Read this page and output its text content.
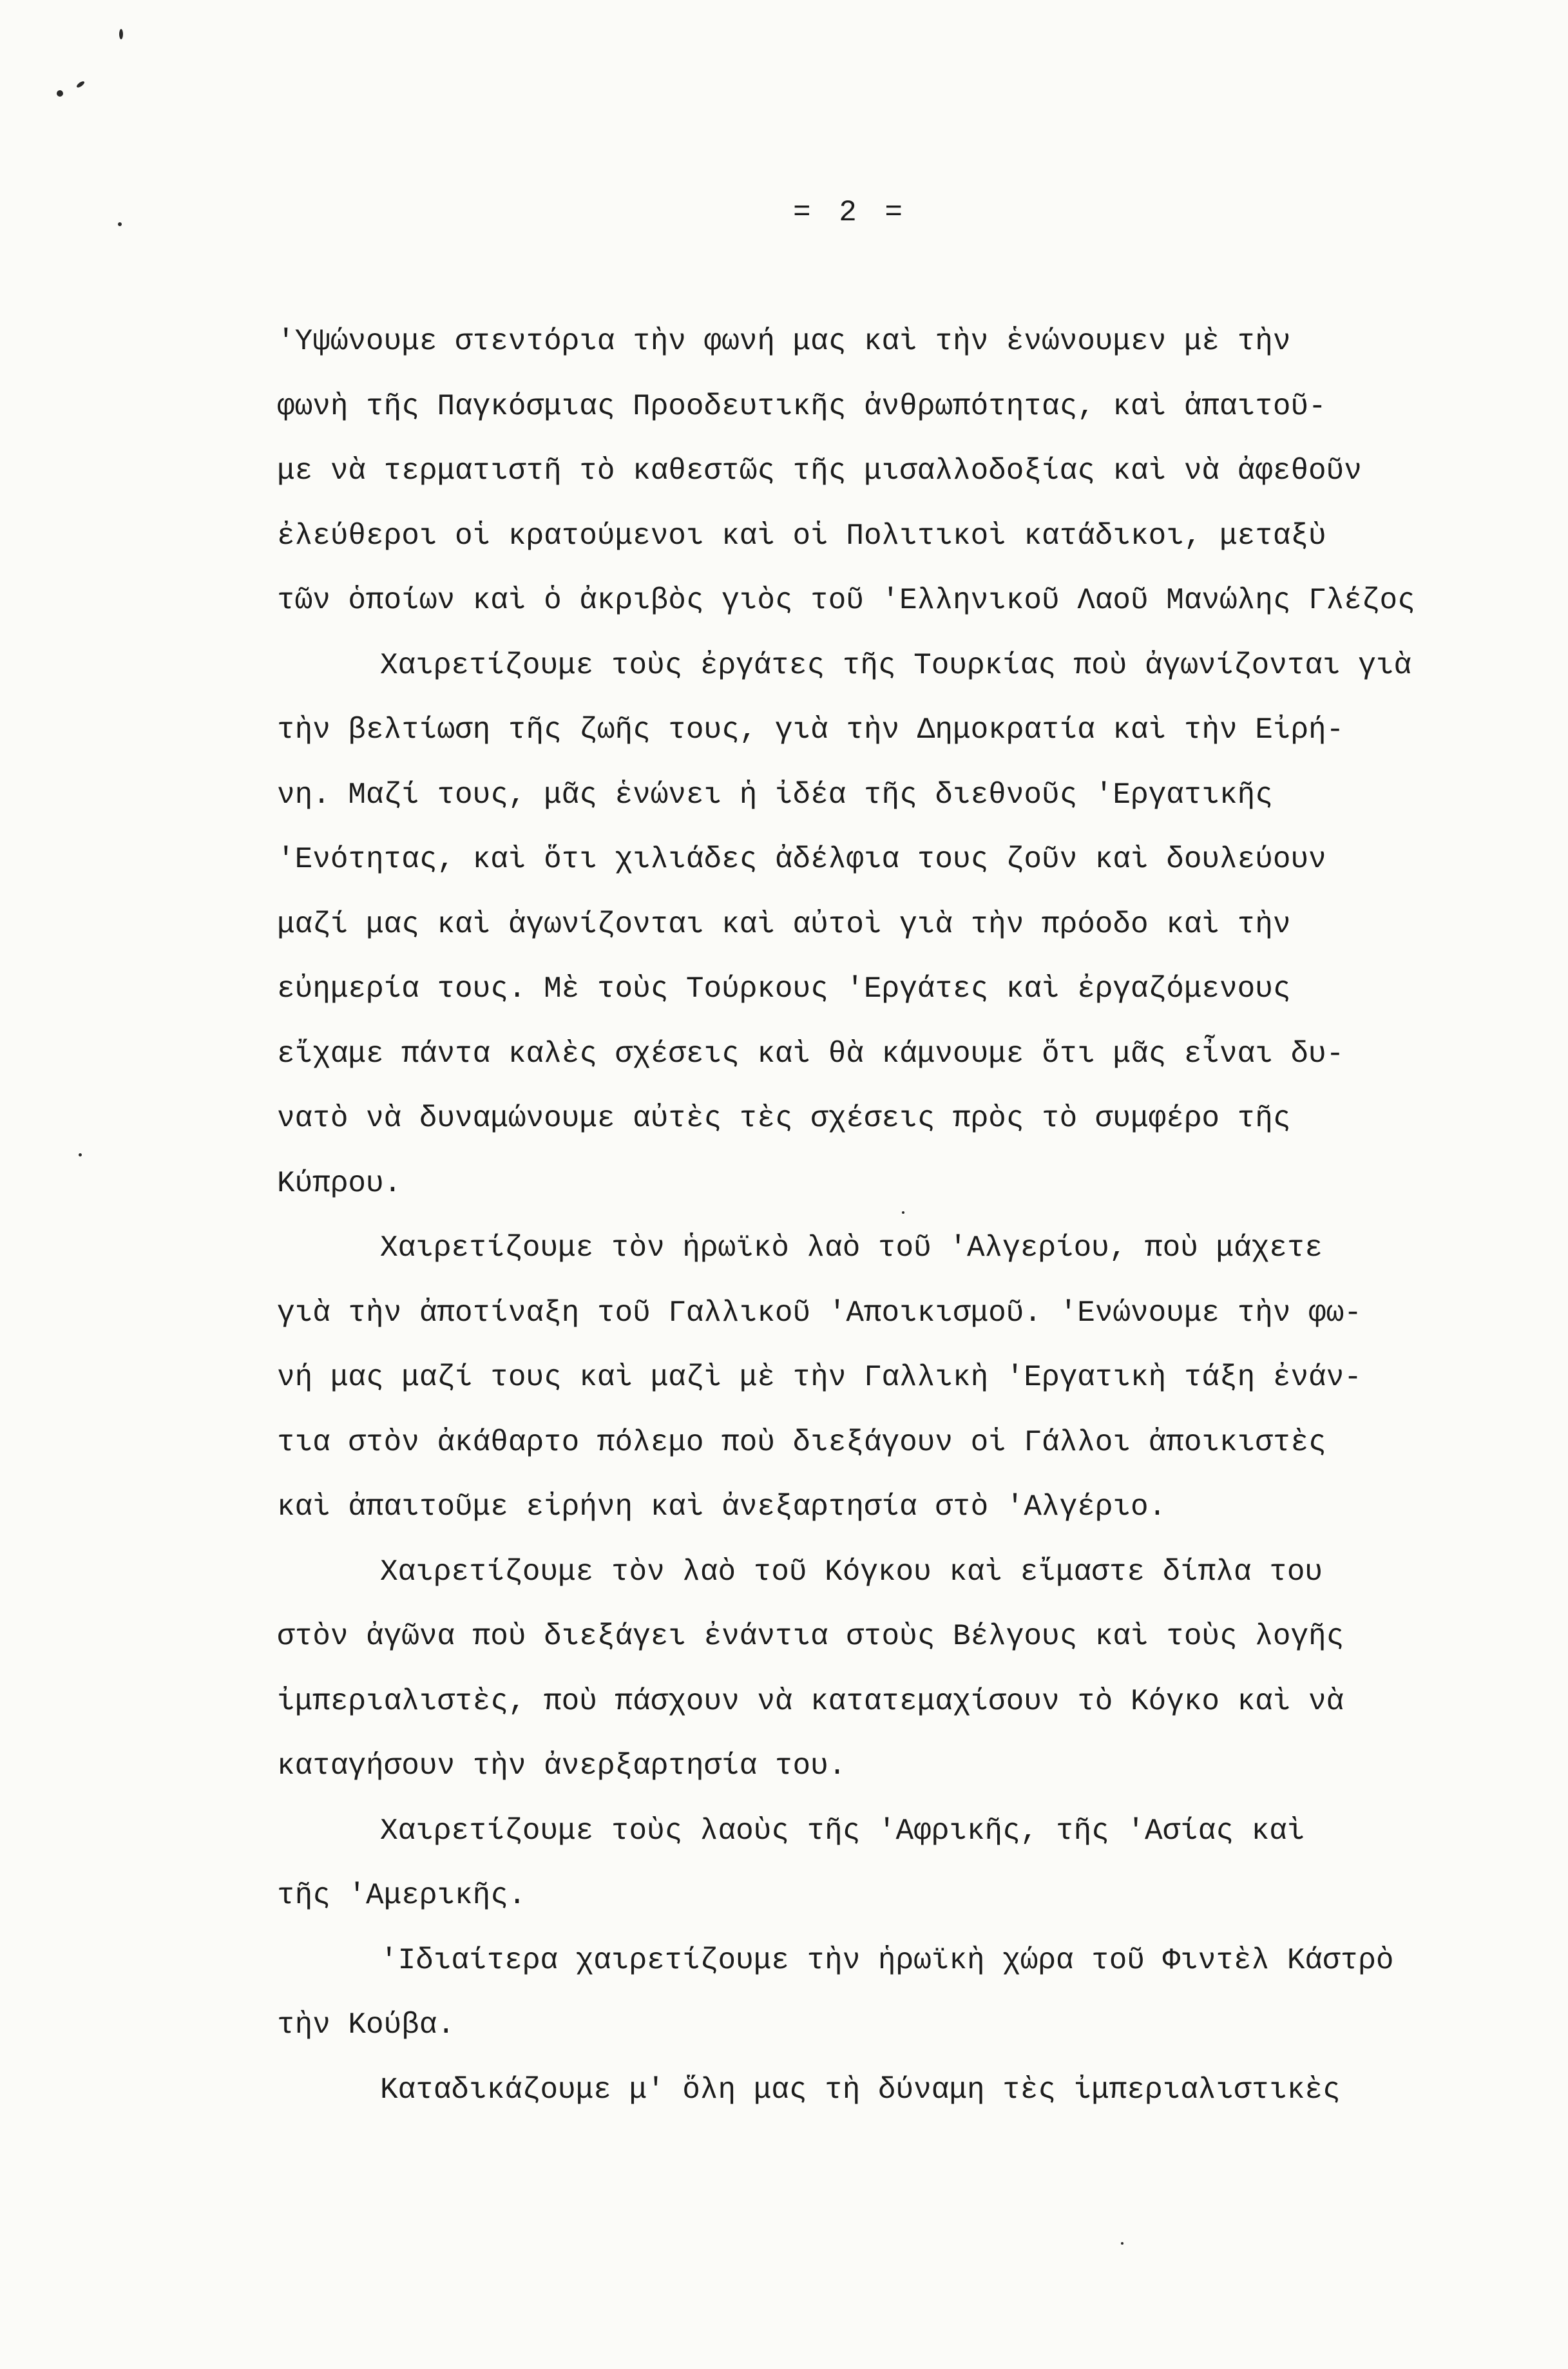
= 2 =
'Υψώνουμε στεντόρια τὴν φωνή μας καὶ τὴν ἑνώνουμεν μὲ τὴν
φωνὴ τῆς Παγκόσμιας Προοδευτικῆς ἀνθρωπότητας, καὶ ἀπαιτοῦ-
με νὰ τερματιστῆ τὸ καθεστῶς τῆς μισαλλοδοξίας καὶ νὰ ἀφεθοῦν
ἐλεύθεροι οἱ κρατούμενοι καὶ οἱ Πολιτικοὶ κατάδικοι, μεταξὺ
τῶν ὁποίων καὶ ὁ ἀκριβὸς γιὸς τοῦ 'Ελληνικοῦ Λαοῦ Μανώλης Γλέζος
Χαιρετίζουμε τοὺς ἐργάτες τῆς Τουρκίας ποὺ ἀγωνίζονται γιὰ
τὴν βελτίωση τῆς ζωῆς τους, γιὰ τὴν Δημοκρατία καὶ τὴν Εἰρή-
νη. Μαζί τους, μᾶς ἑνώνει ἡ ἰδέα τῆς διεθνοῦς 'Εργατικῆς
'Ενότητας, καὶ ὅτι χιλιάδες ἀδέλφια τους ζοῦν καὶ δουλεύουν
μαζί μας καὶ ἀγωνίζονται καὶ αὐτοὶ γιὰ τὴν πρόοδο καὶ τὴν
εὐημερία τους. Μὲ τοὺς Τούρκους 'Εργάτες καὶ ἐργαζόμενους
εἴχαμε πάντα καλὲς σχέσεις καὶ θὰ κάμνουμε ὅτι μᾶς εἶναι δυ-
νατὸ νὰ δυναμώνουμε αὐτὲς τὲς σχέσεις πρὸς τὸ συμφέρο τῆς
Κύπρου.
Χαιρετίζουμε τὸν ἡρωϊκὸ λαὸ τοῦ 'Αλγερίου, ποὺ μάχετε
γιὰ τὴν ἀποτίναξη τοῦ Γαλλικοῦ 'Αποικισμοῦ. 'Ενώνουμε τὴν φω-
νή μας μαζί τους καὶ μαζὶ μὲ τὴν Γαλλικὴ 'Εργατικὴ τάξη ἐνάν-
τια στὸν ἀκάθαρτο πόλεμο ποὺ διεξάγουν οἱ Γάλλοι ἀποικιστὲς
καὶ ἀπαιτοῦμε εἰρήνη καὶ ἀνεξαρτησία στὸ 'Αλγέριο.
Χαιρετίζουμε τὸν λαὸ τοῦ Κόγκου καὶ εἴμαστε δίπλα του
στὸν ἀγῶνα ποὺ διεξάγει ἐνάντια στοὺς Βέλγους καὶ τοὺς λογῆς
ἰμπεριαλιστὲς, ποὺ πάσχουν νὰ κατατεμαχίσουν τὸ Κόγκο καὶ νὰ
καταγήσουν τὴν ἀνερξαρτησία του.
Χαιρετίζουμε τοὺς λαοὺς τῆς 'Αφρικῆς, τῆς 'Ασίας καὶ
τῆς 'Αμερικῆς.
'Ιδιαίτερα χαιρετίζουμε τὴν ἡρωϊκὴ χώρα τοῦ Φιντὲλ Κάστρὸ
τὴν Κούβα.
Καταδικάζουμε μ' ὅλη μας τὴ δύναμη τὲς ἰμπεριαλιστικὲς
